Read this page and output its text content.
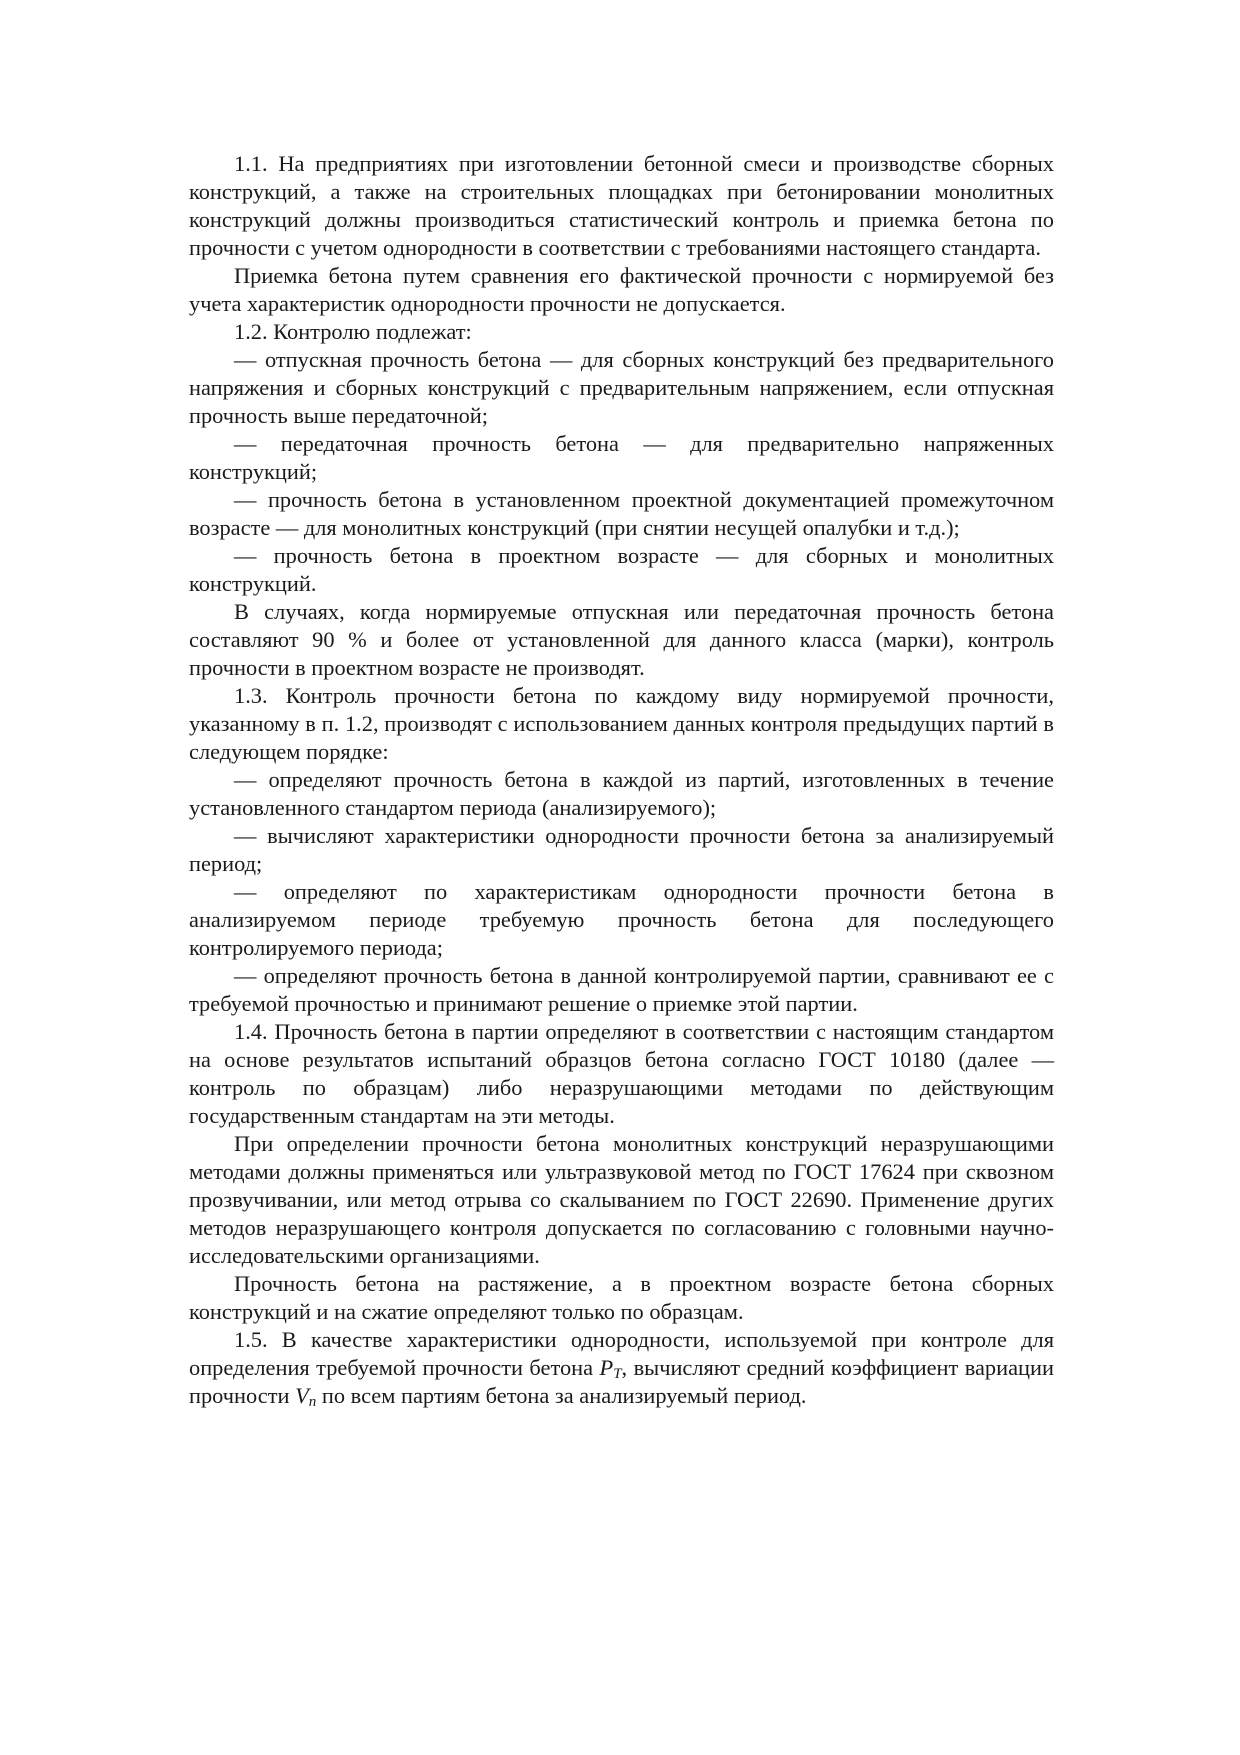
1.1. На предприятиях при изготовлении бетонной смеси и производстве сборных конструкций, а также на строительных площадках при бетонировании монолитных конструкций должны производиться статистический контроль и приемка бетона по прочности с учетом однородности в соответствии с требованиями настоящего стандарта.

Приемка бетона путем сравнения его фактической прочности с нормируемой без учета характеристик однородности прочности не допускается.

1.2. Контролю подлежат:

— отпускная прочность бетона — для сборных конструкций без предварительного напряжения и сборных конструкций с предварительным напряжением, если отпускная прочность выше передаточной;

— передаточная прочность бетона — для предварительно напряженных конструкций;

— прочность бетона в установленном проектной документацией промежуточном возрасте — для монолитных конструкций (при снятии несущей опалубки и т.д.);

— прочность бетона в проектном возрасте — для сборных и монолитных конструкций.

В случаях, когда нормируемые отпускная или передаточная прочность бетона составляют 90 % и более от установленной для данного класса (марки), контроль прочности в проектном возрасте не производят.

1.3. Контроль прочности бетона по каждому виду нормируемой прочности, указанному в п. 1.2, производят с использованием данных контроля предыдущих партий в следующем порядке:

— определяют прочность бетона в каждой из партий, изготовленных в течение установленного стандартом периода (анализируемого);

— вычисляют характеристики однородности прочности бетона за анализируемый период;

— определяют по характеристикам однородности прочности бетона в анализируемом периоде требуемую прочность бетона для последующего контролируемого периода;

— определяют прочность бетона в данной контролируемой партии, сравнивают ее с требуемой прочностью и принимают решение о приемке этой партии.

1.4. Прочность бетона в партии определяют в соответствии с настоящим стандартом на основе результатов испытаний образцов бетона согласно ГОСТ 10180 (далее — контроль по образцам) либо неразрушающими методами по действующим государственным стандартам на эти методы.

При определении прочности бетона монолитных конструкций неразрушающими методами должны применяться или ультразвуковой метод по ГОСТ 17624 при сквозном прозвучивании, или метод отрыва со скалыванием по ГОСТ 22690. Применение других методов неразрушающего контроля допускается по согласованию с головными научно-исследовательскими организациями.

Прочность бетона на растяжение, а в проектном возрасте бетона сборных конструкций и на сжатие определяют только по образцам.

1.5. В качестве характеристики однородности, используемой при контроле для определения требуемой прочности бетона $P_T$, вычисляют средний коэффициент вариации прочности $V_n$ по всем партиям бетона за анализируемый период.
